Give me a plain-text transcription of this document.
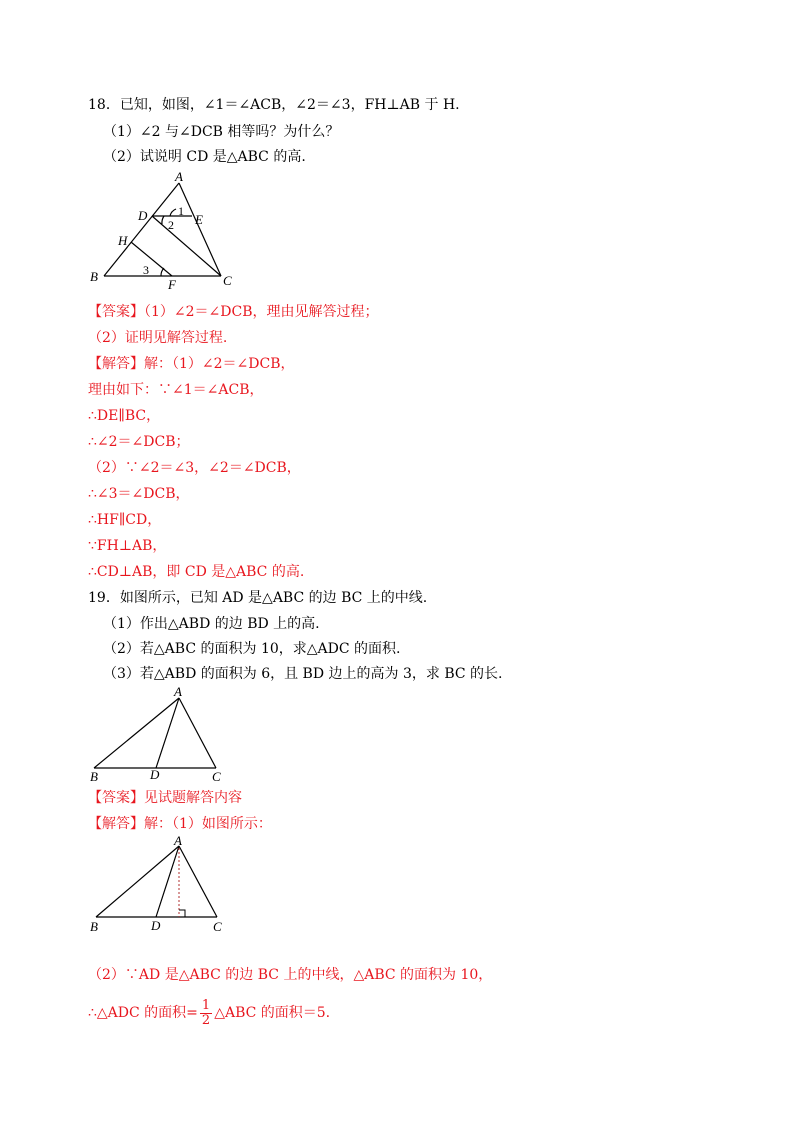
18．已知，如图，∠1＝∠ACB，∠2＝∠3，FH⊥AB 于 H.
（1）∠2 与∠DCB 相等吗？为什么？
（2）试说明 CD 是△ABC 的高.
A
B	C
D	E
F
H
1
2
3
【答案】（1）∠2＝∠DCB，理由见解答过程；
（2）证明见解答过程.
【解答】解：（1）∠2＝∠DCB，
理由如下：∵∠1＝∠ACB，
∴DE∥BC，
∴∠2＝∠DCB；
（2）∵∠2＝∠3，∠2＝∠DCB，
∴∠3＝∠DCB，
∴HF∥CD，
∵FH⊥AB，
∴CD⊥AB，即 CD 是△ABC 的高.
19．如图所示，已知 AD 是△ABC 的边 BC 上的中线.
（1）作出△ABD 的边 BD 上的高.
（2）若△ABC 的面积为 10，求△ADC 的面积.
（3）若△ABD 的面积为 6，且 BD 边上的高为 3，求 BC 的长.
A
B	C
D
【答案】见试题解答内容
【解答】解：（1）如图所示：
A
B	C
D
（2）∵AD 是△ABC 的边 BC 上的中线，△ABC 的面积为 10，
∴△ADC 的面积= $\frac{1}{2}$ △ABC 的面积＝5.
